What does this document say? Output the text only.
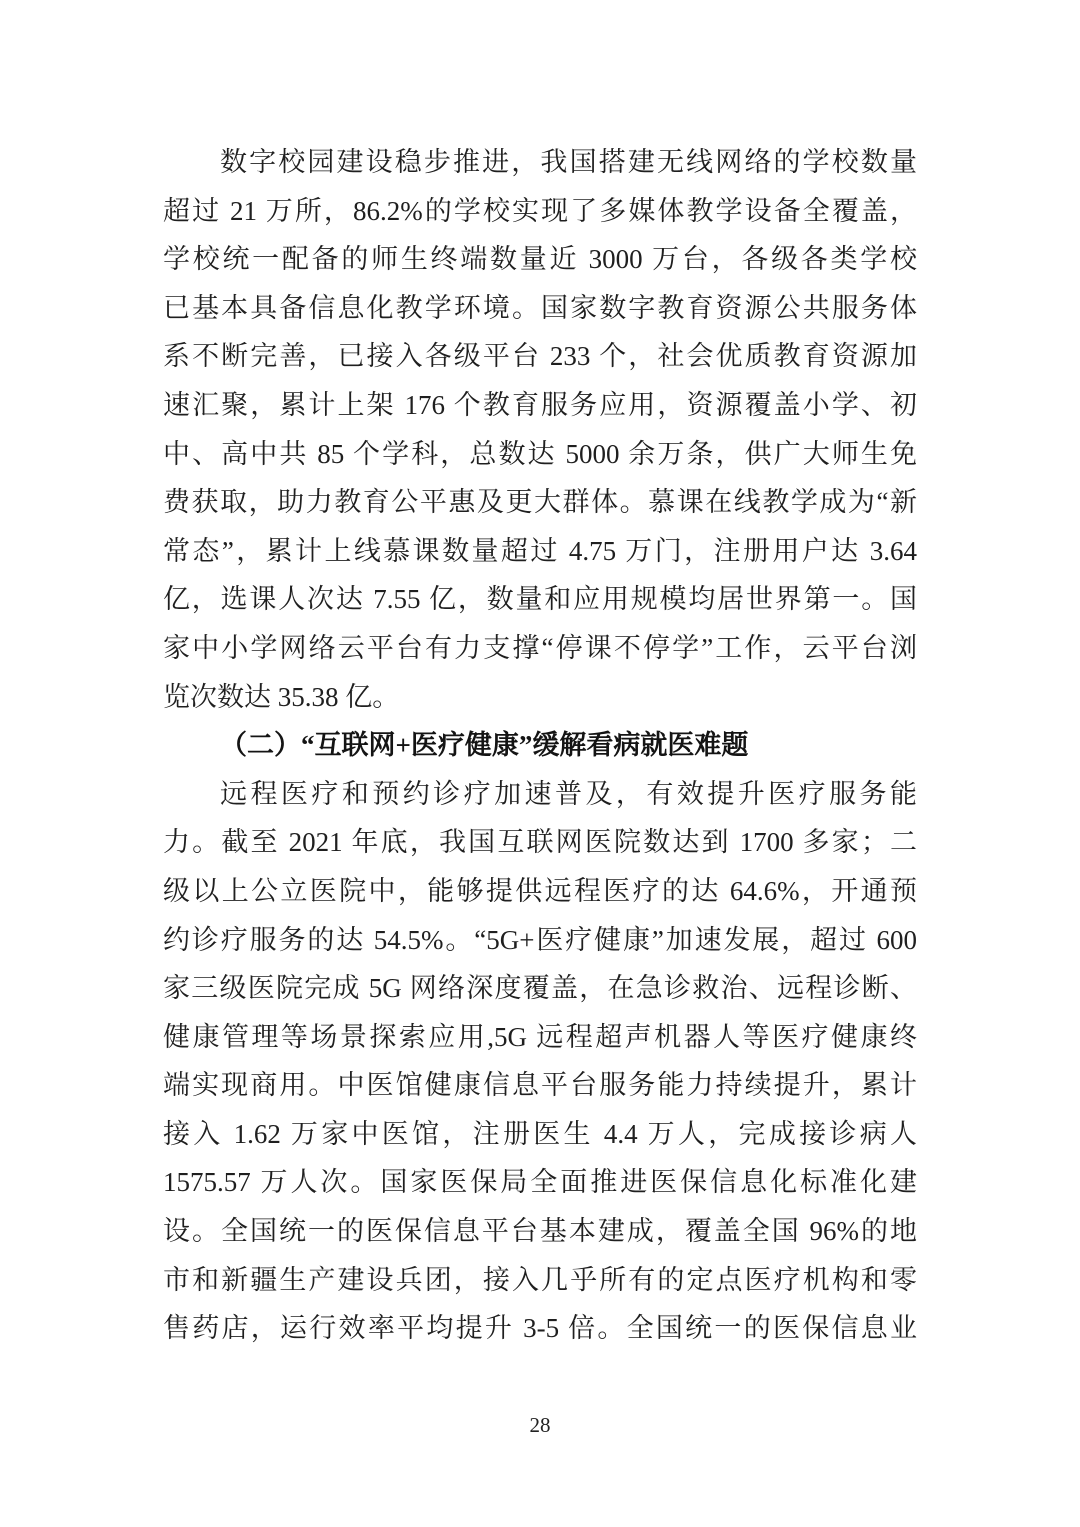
数字校园建设稳步推进，我国搭建无线网络的学校数量
超过 21 万所，86.2%的学校实现了多媒体教学设备全覆盖，
学校统一配备的师生终端数量近 3000 万台，各级各类学校
已基本具备信息化教学环境。国家数字教育资源公共服务体
系不断完善，已接入各级平台 233 个，社会优质教育资源加
速汇聚，累计上架 176 个教育服务应用，资源覆盖小学、初
中、高中共 85 个学科，总数达 5000 余万条，供广大师生免
费获取，助力教育公平惠及更大群体。慕课在线教学成为“新
常态”，累计上线慕课数量超过 4.75 万门，注册用户达 3.64
亿，选课人次达 7.55 亿，数量和应用规模均居世界第一。国
家中小学网络云平台有力支撑“停课不停学”工作，云平台浏
览次数达 35.38 亿。
（二）“互联网+医疗健康”缓解看病就医难题
远程医疗和预约诊疗加速普及，有效提升医疗服务能
力。截至 2021 年底，我国互联网医院数达到 1700 多家；二
级以上公立医院中，能够提供远程医疗的达 64.6%，开通预
约诊疗服务的达 54.5%。“5G+医疗健康”加速发展，超过 600
家三级医院完成 5G 网络深度覆盖，在急诊救治、远程诊断、
健康管理等场景探索应用,5G 远程超声机器人等医疗健康终
端实现商用。中医馆健康信息平台服务能力持续提升，累计
接入 1.62 万家中医馆，注册医生 4.4 万人，完成接诊病人
1575.57 万人次。国家医保局全面推进医保信息化标准化建
设。全国统一的医保信息平台基本建成，覆盖全国 96%的地
市和新疆生产建设兵团，接入几乎所有的定点医疗机构和零
售药店，运行效率平均提升 3-5 倍。全国统一的医保信息业
28
